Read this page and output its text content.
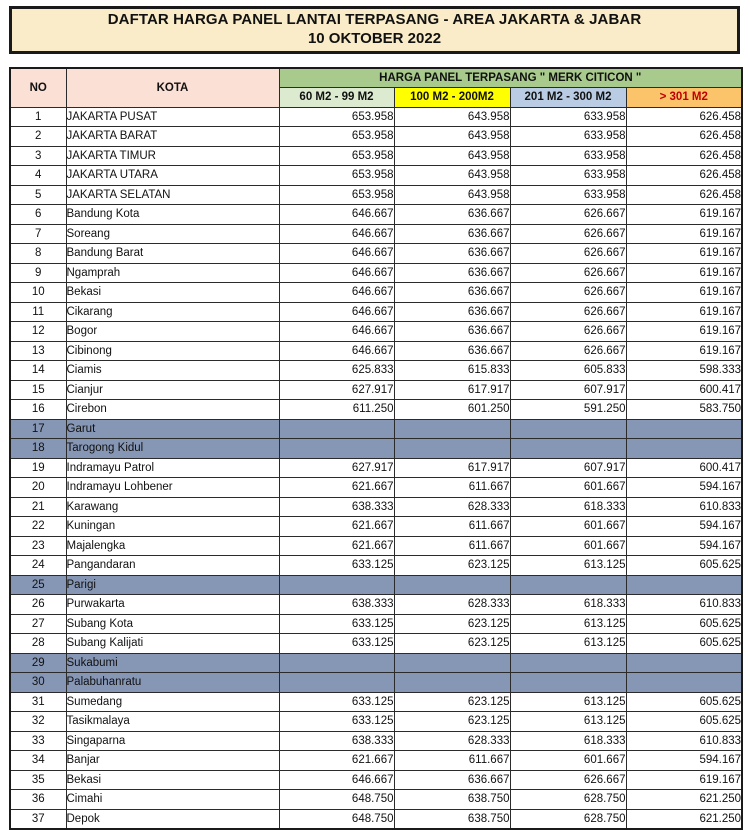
DAFTAR HARGA PANEL LANTAI TERPASANG - AREA JAKARTA & JABAR
10 OKTOBER 2022
NO	KOTA	HARGA PANEL TERPASANG " MERK CITICON "			
		60 M2 - 99 M2	100 M2 - 200M2	201 M2 - 300 M2	> 301 M2
1	JAKARTA PUSAT	653.958	643.958	633.958	626.458
2	JAKARTA BARAT	653.958	643.958	633.958	626.458
3	JAKARTA TIMUR	653.958	643.958	633.958	626.458
4	JAKARTA UTARA	653.958	643.958	633.958	626.458
5	JAKARTA SELATAN	653.958	643.958	633.958	626.458
6	Bandung Kota	646.667	636.667	626.667	619.167
7	Soreang	646.667	636.667	626.667	619.167
8	Bandung Barat	646.667	636.667	626.667	619.167
9	Ngamprah	646.667	636.667	626.667	619.167
10	Bekasi	646.667	636.667	626.667	619.167
11	Cikarang	646.667	636.667	626.667	619.167
12	Bogor	646.667	636.667	626.667	619.167
13	Cibinong	646.667	636.667	626.667	619.167
14	Ciamis	625.833	615.833	605.833	598.333
15	Cianjur	627.917	617.917	607.917	600.417
16	Cirebon	611.250	601.250	591.250	583.750
17	Garut				
18	Tarogong Kidul				
19	Indramayu Patrol	627.917	617.917	607.917	600.417
20	Indramayu Lohbener	621.667	611.667	601.667	594.167
21	Karawang	638.333	628.333	618.333	610.833
22	Kuningan	621.667	611.667	601.667	594.167
23	Majalengka	621.667	611.667	601.667	594.167
24	Pangandaran	633.125	623.125	613.125	605.625
25	Parigi				
26	Purwakarta	638.333	628.333	618.333	610.833
27	Subang Kota	633.125	623.125	613.125	605.625
28	Subang Kalijati	633.125	623.125	613.125	605.625
29	Sukabumi				
30	Palabuhanratu				
31	Sumedang	633.125	623.125	613.125	605.625
32	Tasikmalaya	633.125	623.125	613.125	605.625
33	Singaparna	638.333	628.333	618.333	610.833
34	Banjar	621.667	611.667	601.667	594.167
35	Bekasi	646.667	636.667	626.667	619.167
36	Cimahi	648.750	638.750	628.750	621.250
37	Depok	648.750	638.750	628.750	621.250
